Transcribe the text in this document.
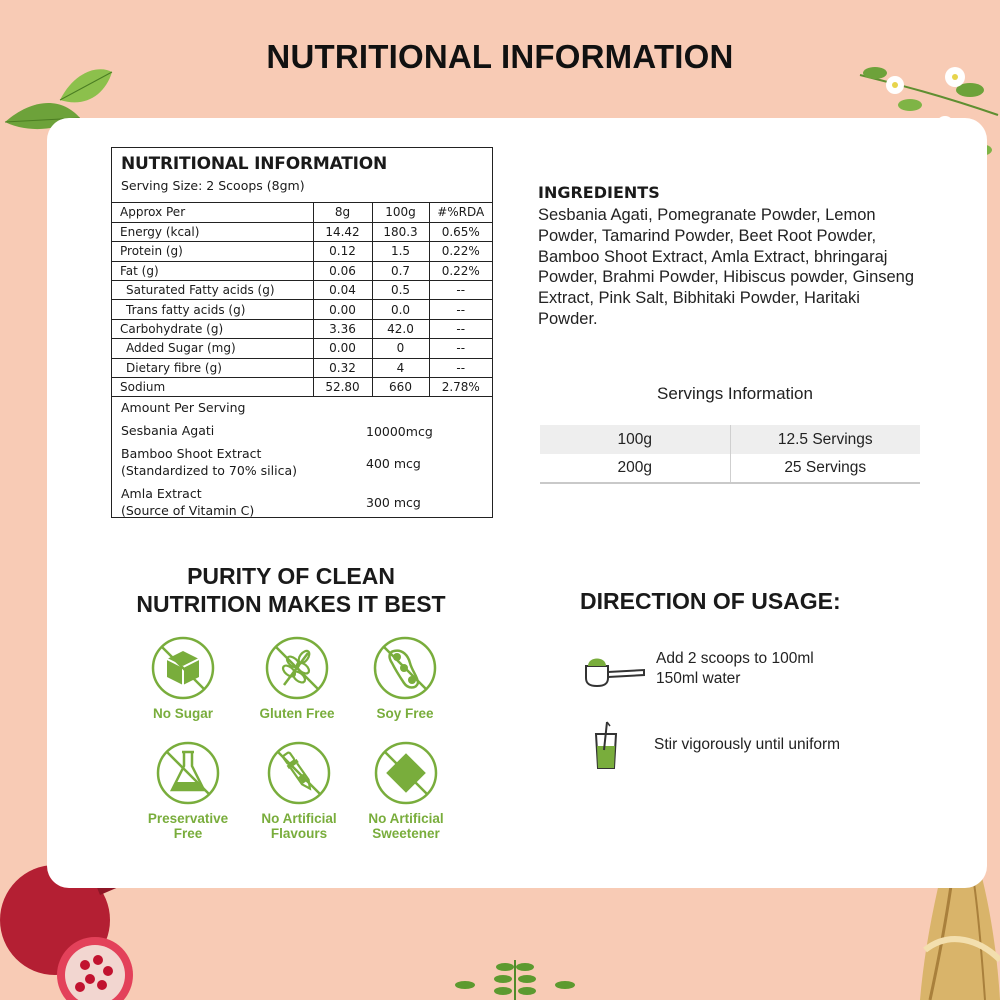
NUTRITIONAL INFORMATION
NUTRITIONAL INFORMATION
Serving Size: 2 Scoops (8gm)
Approx Per	8g	100g	#%RDA
Energy (kcal)	14.42	180.3	0.65%
Protein (g)	0.12	1.5	0.22%
Fat (g)	0.06	0.7	0.22%
Saturated Fatty acids (g)	0.04	0.5	--
Trans fatty acids (g)	0.00	0.0	--
Carbohydrate (g)	3.36	42.0	--
Added Sugar (mg)	0.00	0	--
Dietary fibre (g)	0.32	4	--
Sodium	52.80	660	2.78%
Amount Per Serving
Sesbania Agati	10000mcg
Bamboo Shoot Extract
(Standardized to 70% silica)	400 mcg
Amla Extract
(Source of Vitamin C)	300 mcg
INGREDIENTS
Sesbania Agati, Pomegranate Powder, Lemon Powder, Tamarind Powder, Beet Root Powder, Bamboo Shoot Extract, Amla Extract, bhringaraj Powder, Brahmi Powder, Hibiscus powder, Ginseng Extract, Pink Salt, Bibhitaki Powder, Haritaki Powder.
Servings Information
100g	12.5 Servings
200g	25 Servings
PURITY OF CLEAN
NUTRITION MAKES IT BEST
No Sugar	Gluten Free	Soy Free
Preservative
Free
No Artificial
Flavours
No Artificial
Sweetener
DIRECTION OF USAGE:
Add 2 scoops to 100ml
150ml water
Stir vigorously until uniform
